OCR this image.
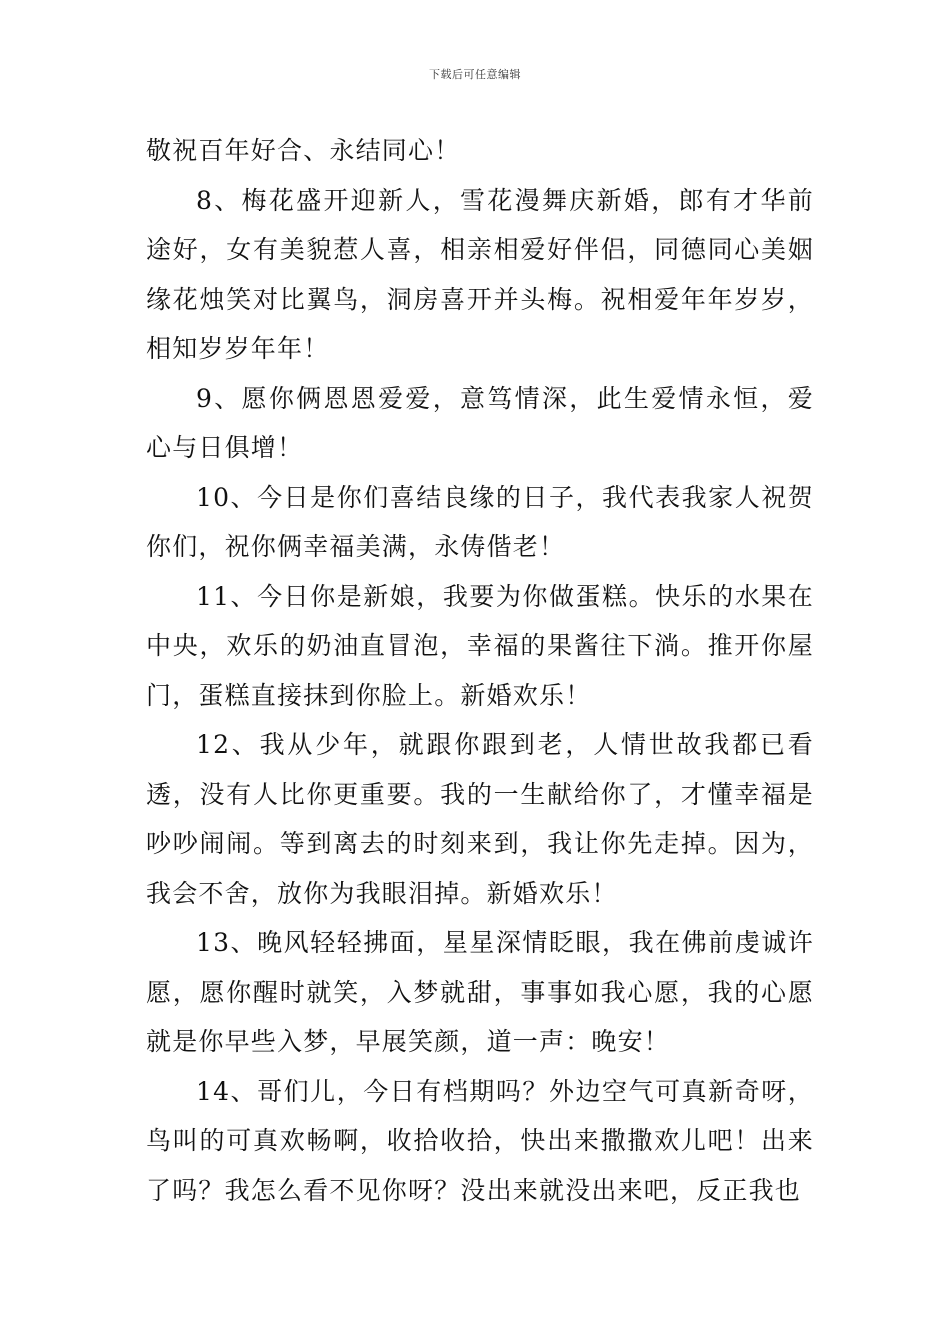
下载后可任意编辑

敬祝百年好合、永结同心！

8、梅花盛开迎新人，雪花漫舞庆新婚，郎有才华前途好，女有美貌惹人喜，相亲相爱好伴侣，同德同心美姻缘花烛笑对比翼鸟，洞房喜开并头梅。祝相爱年年岁岁，相知岁岁年年！

9、愿你俩恩恩爱爱，意笃情深，此生爱情永恒，爱心与日俱增！

10、今日是你们喜结良缘的日子，我代表我家人祝贺你们，祝你俩幸福美满，永俦偕老！

11、今日你是新娘，我要为你做蛋糕。快乐的水果在中央，欢乐的奶油直冒泡，幸福的果酱往下淌。推开你屋门，蛋糕直接抹到你脸上。新婚欢乐！

12、我从少年，就跟你跟到老，人情世故我都已看透，没有人比你更重要。我的一生献给你了，才懂幸福是吵吵闹闹。等到离去的时刻来到，我让你先走掉。因为，我会不舍，放你为我眼泪掉。新婚欢乐！

13、晚风轻轻拂面，星星深情眨眼，我在佛前虔诚许愿，愿你醒时就笑，入梦就甜，事事如我心愿，我的心愿就是你早些入梦，早展笑颜，道一声：晚安！

14、哥们儿，今日有档期吗？外边空气可真新奇呀，鸟叫的可真欢畅啊，收拾收拾，快出来撒撒欢儿吧！出来了吗？我怎么看不见你呀？没出来就没出来吧，反正我也
